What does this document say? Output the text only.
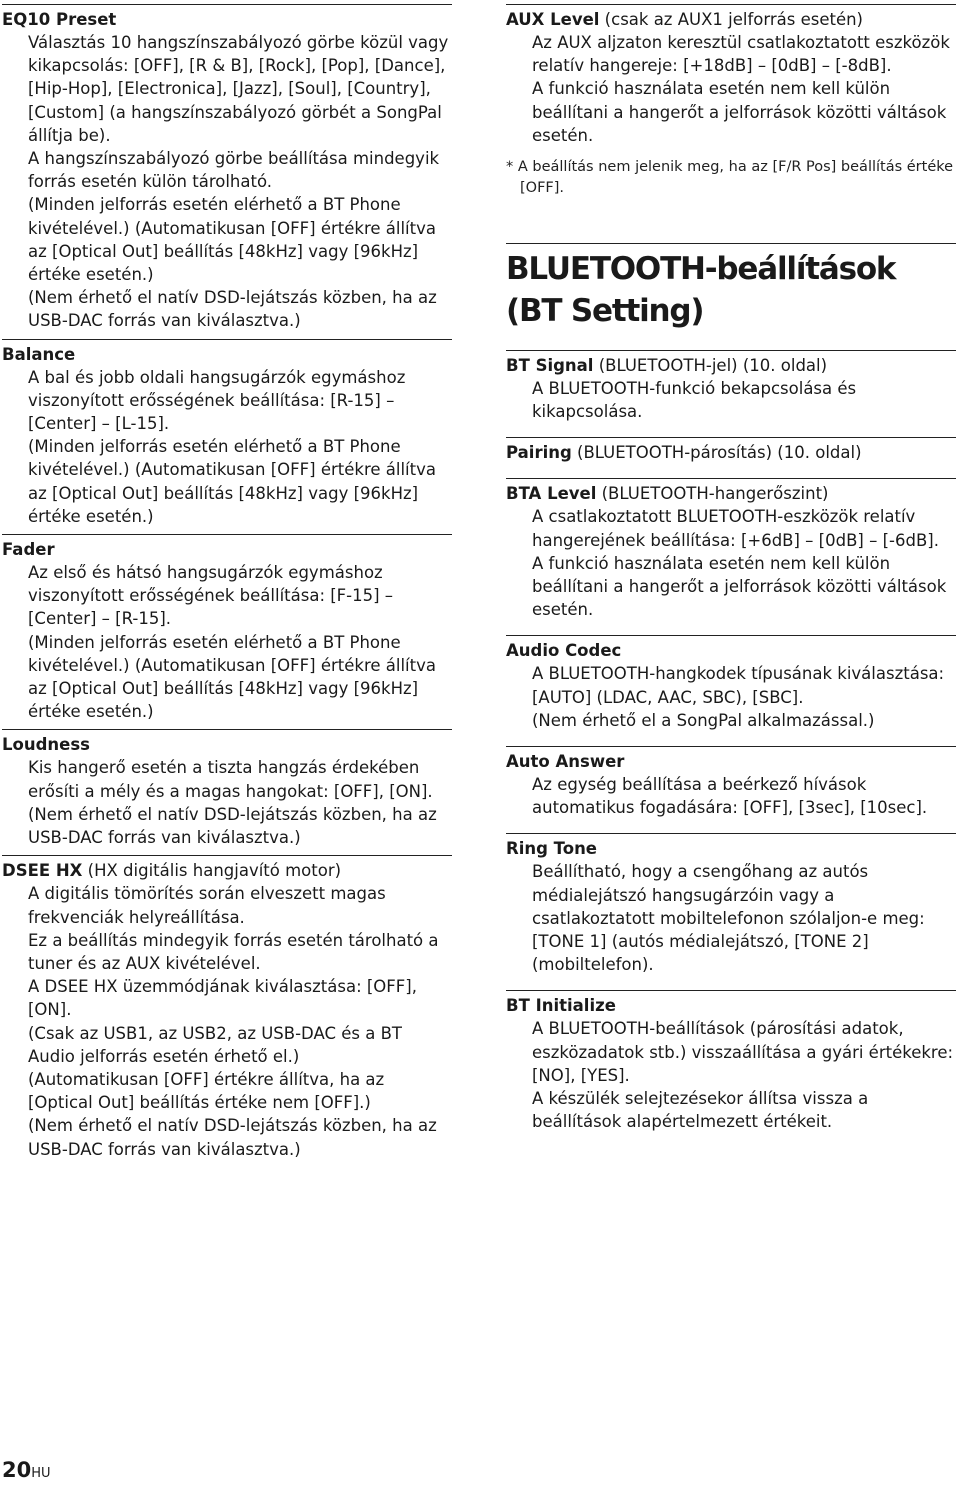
EQ10 Preset

Választás 10 hangszínszabályozó görbe közül vagy kikapcsolás: [OFF], [R & B], [Rock], [Pop], [Dance], [Hip-Hop], [Electronica], [Jazz], [Soul], [Country], [Custom] (a hangszínszabályozó görbét a SongPal állítja be).

A hangszínszabályozó görbe beállítása mindegyik forrás esetén külön tárolható.

(Minden jelforrás esetén elérhető a BT Phone kivételével.) (Automatikusan [OFF] értékre állítva az [Optical Out] beállítás [48kHz] vagy [96kHz] értéke esetén.)

(Nem érhető el natív DSD-lejátszás közben, ha az USB-DAC forrás van kiválasztva.)

Balance

A bal és jobb oldali hangsugárzók egymáshoz viszonyított erősségének beállítása: [R-15] – [Center] – [L-15].

(Minden jelforrás esetén elérhető a BT Phone kivételével.) (Automatikusan [OFF] értékre állítva az [Optical Out] beállítás [48kHz] vagy [96kHz] értéke esetén.)

Fader

Az első és hátsó hangsugárzók egymáshoz viszonyított erősségének beállítása: [F-15] – [Center] – [R-15].

(Minden jelforrás esetén elérhető a BT Phone kivételével.) (Automatikusan [OFF] értékre állítva az [Optical Out] beállítás [48kHz] vagy [96kHz] értéke esetén.)

Loudness

Kis hangerő esetén a tiszta hangzás érdekében erősíti a mély és a magas hangokat: [OFF], [ON].

(Nem érhető el natív DSD-lejátszás közben, ha az USB-DAC forrás van kiválasztva.)

DSEE HX (HX digitális hangjavító motor)

A digitális tömörítés során elveszett magas frekvenciák helyreállítása.

Ez a beállítás mindegyik forrás esetén tárolható a tuner és az AUX kivételével.

A DSEE HX üzemmódjának kiválasztása: [OFF], [ON].

(Csak az USB1, az USB2, az USB-DAC és a BT Audio jelforrás esetén érhető el.)

(Automatikusan [OFF] értékre állítva, ha az [Optical Out] beállítás értéke nem [OFF].)

(Nem érhető el natív DSD-lejátszás közben, ha az USB-DAC forrás van kiválasztva.)

AUX Level (csak az AUX1 jelforrás esetén)

Az AUX aljzaton keresztül csatlakoztatott eszközök relatív hangereje: [+18dB] – [0dB] – [-8dB].

A funkció használata esetén nem kell külön beállítani a hangerőt a jelforrások közötti váltások esetén.

* A beállítás nem jelenik meg, ha az [F/R Pos] beállítás értéke [OFF].
BLUETOOTH-beállítások (BT Setting)
BT Signal (BLUETOOTH-jel) (10. oldal)

A BLUETOOTH-funkció bekapcsolása és kikapcsolása.

Pairing (BLUETOOTH-párosítás) (10. oldal)
BTA Level (BLUETOOTH-hangerőszint)

A csatlakoztatott BLUETOOTH-eszközök relatív hangerejének beállítása: [+6dB] – [0dB] – [-6dB].

A funkció használata esetén nem kell külön beállítani a hangerőt a jelforrások közötti váltások esetén.

Audio Codec

A BLUETOOTH-hangkodek típusának kiválasztása: [AUTO] (LDAC, AAC, SBC), [SBC].

(Nem érhető el a SongPal alkalmazással.)

Auto Answer

Az egység beállítása a beérkező hívások automatikus fogadására: [OFF], [3sec], [10sec].

Ring Tone

Beállítható, hogy a csengőhang az autós médialejátszó hangsugárzóin vagy a csatlakoztatott mobiltelefonon szólaljon-e meg: [TONE 1] (autós médialejátszó, [TONE 2] (mobiltelefon).

BT Initialize

A BLUETOOTH-beállítások (párosítási adatok, eszközadatok stb.) visszaállítása a gyári értékekre: [NO], [YES].

A készülék selejtezésekor állítsa vissza a beállítások alapértelmezett értékeit.

20HU
